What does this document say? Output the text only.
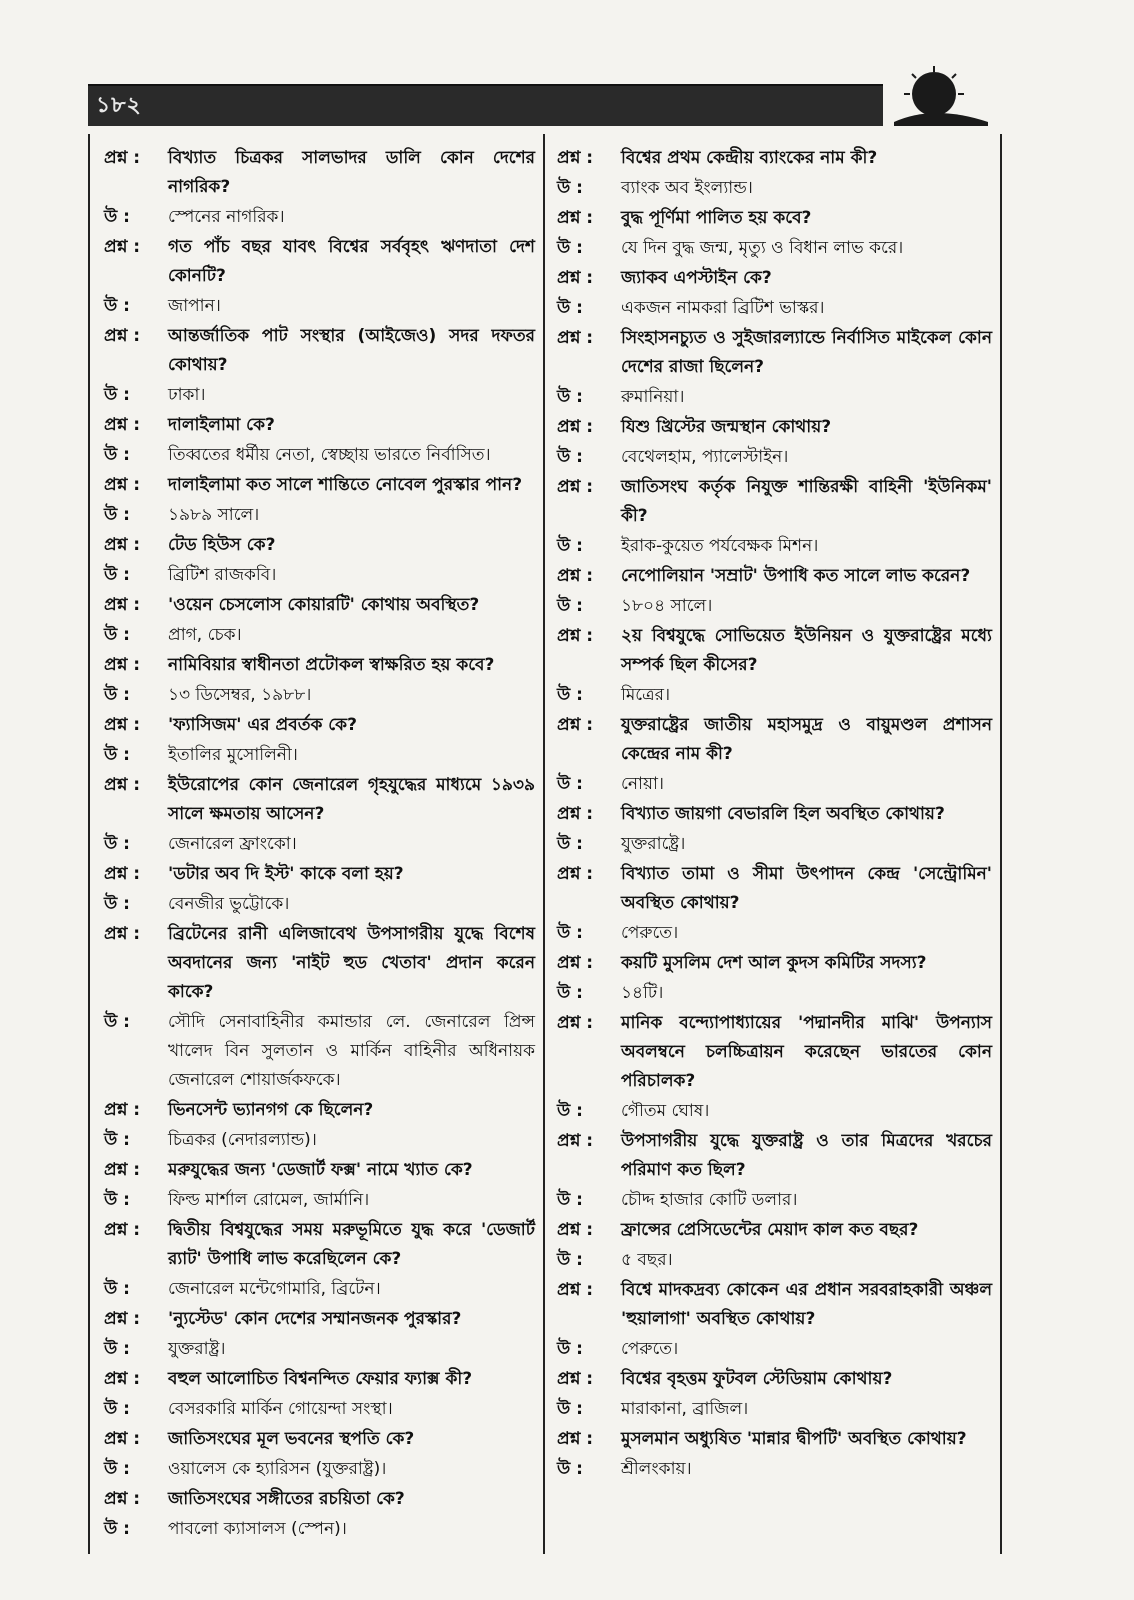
১৮২
প্রশ্ন :	বিখ্যাত চিত্রকর সালভাদর ডালি কোন দেশের নাগরিক?
উ :	স্পেনের নাগরিক।
প্রশ্ন :	গত পাঁচ বছর যাবৎ বিশ্বের সর্ববৃহৎ ঋণদাতা দেশ কোনটি?
উ :	জাপান।
প্রশ্ন :	আন্তর্জাতিক পাট সংস্থার (আইজেও) সদর দফতর কোথায়?
উ :	ঢাকা।
প্রশ্ন :	দালাইলামা কে?
উ :	তিব্বতের ধর্মীয় নেতা, স্বেচ্ছায় ভারতে নির্বাসিত।
প্রশ্ন :	দালাইলামা কত সালে শান্তিতে নোবেল পুরস্কার পান?
উ :	১৯৮৯ সালে।
প্রশ্ন :	টেড হিউস কে?
উ :	ব্রিটিশ রাজকবি।
প্রশ্ন :	'ওয়েন চেসলোস কোয়ারটি' কোথায় অবস্থিত?
উ :	প্রাগ, চেক।
প্রশ্ন :	নামিবিয়ার স্বাধীনতা প্রটোকল স্বাক্ষরিত হয় কবে?
উ :	১৩ ডিসেম্বর, ১৯৮৮।
প্রশ্ন :	'ফ্যাসিজম' এর প্রবর্তক কে?
উ :	ইতালির মুসোলিনী।
প্রশ্ন :	ইউরোপের কোন জেনারেল গৃহযুদ্ধের মাধ্যমে ১৯৩৯ সালে ক্ষমতায় আসেন?
উ :	জেনারেল ফ্রাংকো।
প্রশ্ন :	'ডটার অব দি ইস্ট' কাকে বলা হয়?
উ :	বেনজীর ভুট্টোকে।
প্রশ্ন :	ব্রিটেনের রানী এলিজাবেথ উপসাগরীয় যুদ্ধে বিশেষ অবদানের জন্য 'নাইট হুড খেতাব' প্রদান করেন কাকে?
উ :	সৌদি সেনাবাহিনীর কমান্ডার লে. জেনারেল প্রিন্স খালেদ বিন সুলতান ও মার্কিন বাহিনীর অধিনায়ক জেনারেল শোয়ার্জকফকে।
প্রশ্ন :	ভিনসেন্ট ভ্যানগগ কে ছিলেন?
উ :	চিত্রকর (নেদারল্যান্ড)।
প্রশ্ন :	মরুযুদ্ধের জন্য 'ডেজার্ট ফক্স' নামে খ্যাত কে?
উ :	ফিল্ড মার্শাল রোমেল, জার্মানি।
প্রশ্ন :	দ্বিতীয় বিশ্বযুদ্ধের সময় মরুভূমিতে যুদ্ধ করে 'ডেজার্ট র‍্যাট' উপাধি লাভ করেছিলেন কে?
উ :	জেনারেল মন্টেগোমারি, ব্রিটেন।
প্রশ্ন :	'ন্যুস্টেড' কোন দেশের সম্মানজনক পুরস্কার?
উ :	যুক্তরাষ্ট্র।
প্রশ্ন :	বহুল আলোচিত বিশ্বনন্দিত ফেয়ার ফ্যাক্স কী?
উ :	বেসরকারি মার্কিন গোয়েন্দা সংস্থা।
প্রশ্ন :	জাতিসংঘের মূল ভবনের স্থপতি কে?
উ :	ওয়ালেস কে হ্যারিসন (যুক্তরাষ্ট্র)।
প্রশ্ন :	জাতিসংঘের সঙ্গীতের রচয়িতা কে?
উ :	পাবলো ক্যাসালস (স্পেন)।
প্রশ্ন :	বিশ্বের প্রথম কেন্দ্রীয় ব্যাংকের নাম কী?
উ :	ব্যাংক অব ইংল্যান্ড।
প্রশ্ন :	বুদ্ধ পূর্ণিমা পালিত হয় কবে?
উ :	যে দিন বুদ্ধ জন্ম, মৃত্যু ও বিধান লাভ করে।
প্রশ্ন :	জ্যাকব এপস্টাইন কে?
উ :	একজন নামকরা ব্রিটিশ ভাস্কর।
প্রশ্ন :	সিংহাসনচ্যুত ও সুইজারল্যান্ডে নির্বাসিত মাইকেল কোন দেশের রাজা ছিলেন?
উ :	রুমানিয়া।
প্রশ্ন :	যিশু খ্রিস্টের জন্মস্থান কোথায়?
উ :	বেথেলহাম, প্যালেস্টাইন।
প্রশ্ন :	জাতিসংঘ কর্তৃক নিযুক্ত শান্তিরক্ষী বাহিনী 'ইউনিকম' কী?
উ :	ইরাক-কুয়েত পর্যবেক্ষক মিশন।
প্রশ্ন :	নেপোলিয়ান 'সম্রাট' উপাধি কত সালে লাভ করেন?
উ :	১৮০৪ সালে।
প্রশ্ন :	২য় বিশ্বযুদ্ধে সোভিয়েত ইউনিয়ন ও যুক্তরাষ্ট্রের মধ্যে সম্পর্ক ছিল কীসের?
উ :	মিত্রের।
প্রশ্ন :	যুক্তরাষ্ট্রের জাতীয় মহাসমুদ্র ও বায়ুমণ্ডল প্রশাসন কেন্দ্রের নাম কী?
উ :	নোয়া।
প্রশ্ন :	বিখ্যাত জায়গা বেভারলি হিল অবস্থিত কোথায়?
উ :	যুক্তরাষ্ট্রে।
প্রশ্ন :	বিখ্যাত তামা ও সীমা উৎপাদন কেন্দ্র 'সেন্ট্রোমিন' অবস্থিত কোথায়?
উ :	পেরুতে।
প্রশ্ন :	কয়টি মুসলিম দেশ আল কুদস কমিটির সদস্য?
উ :	১৪টি।
প্রশ্ন :	মানিক বন্দ্যোপাধ্যায়ের 'পদ্মানদীর মাঝি' উপন্যাস অবলম্বনে চলচ্চিত্রায়ন করেছেন ভারতের কোন পরিচালক?
উ :	গৌতম ঘোষ।
প্রশ্ন :	উপসাগরীয় যুদ্ধে যুক্তরাষ্ট্র ও তার মিত্রদের খরচের পরিমাণ কত ছিল?
উ :	চৌদ্দ হাজার কোটি ডলার।
প্রশ্ন :	ফ্রান্সের প্রেসিডেন্টের মেয়াদ কাল কত বছর?
উ :	৫ বছর।
প্রশ্ন :	বিশ্বে মাদকদ্রব্য কোকেন এর প্রধান সরবরাহকারী অঞ্চল 'হুয়ালাগা' অবস্থিত কোথায়?
উ :	পেরুতে।
প্রশ্ন :	বিশ্বের বৃহত্তম ফুটবল স্টেডিয়াম কোথায়?
উ :	মারাকানা, ব্রাজিল।
প্রশ্ন :	মুসলমান অধ্যুষিত 'মান্নার দ্বীপটি' অবস্থিত কোথায়?
উ :	শ্রীলংকায়।
